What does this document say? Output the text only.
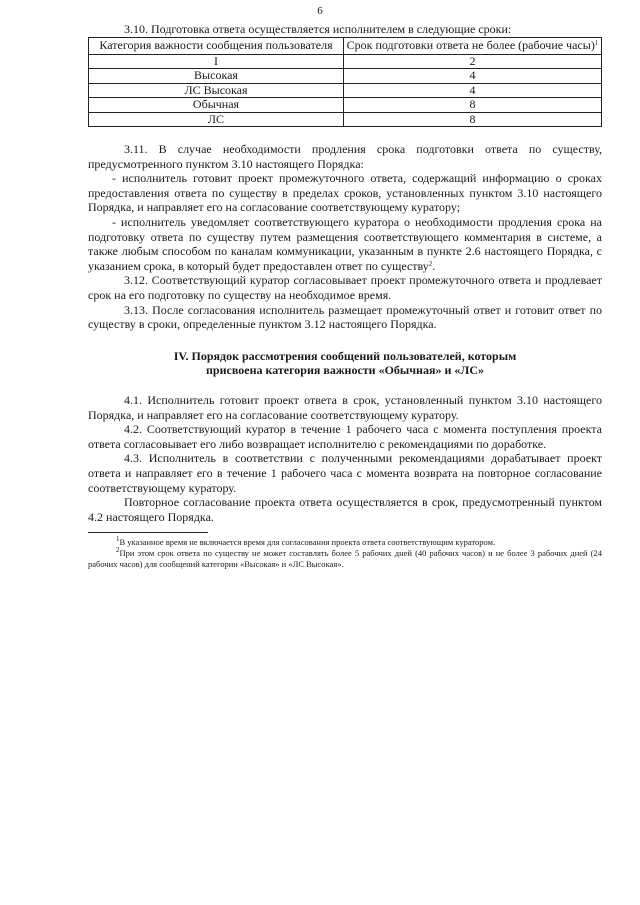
6

3.10. Подготовка ответа осуществляется исполнителем в следующие сроки:

Категория важности сообщения пользователя	Срок подготовки ответа не более (рабочие часы)$^1$
I	2
Высокая	4
ЛС Высокая	4
Обычная	8
ЛС	8

3.11. В случае необходимости продления срока подготовки ответа по существу, предусмотренного пунктом 3.10 настоящего Порядка:

- исполнитель готовит проект промежуточного ответа, содержащий информацию о сроках предоставления ответа по существу в пределах сроков, установленных пунктом 3.10 настоящего Порядка, и направляет его на согласование соответствующему куратору;

- исполнитель уведомляет соответствующего куратора о необходимости продления срока на подготовку ответа по существу путем размещения соответствующего комментария в системе, а также любым способом по каналам коммуникации, указанным в пункте 2.6 настоящего Порядка, с указанием срока, в который будет предоставлен ответ по существу$^2$.

3.12. Соответствующий куратор согласовывает проект промежуточного ответа и продлевает срок на его подготовку по существу на необходимое время.

3.13. После согласования исполнитель размещает промежуточный ответ и готовит ответ по существу в сроки, определенные пунктом 3.12 настоящего Порядка.

IV. Порядок рассмотрения сообщений пользователей, которым
присвоена категория важности «Обычная» и «ЛС»

4.1. Исполнитель готовит проект ответа в срок, установленный пунктом 3.10 настоящего Порядка, и направляет его на согласование соответствующему куратору.

4.2. Соответствующий куратор в течение 1 рабочего часа с момента поступления проекта ответа согласовывает его либо возвращает исполнителю с рекомендациями по доработке.

4.3. Исполнитель в соответствии с полученными рекомендациями дорабатывает проект ответа и направляет его в течение 1 рабочего часа с момента возврата на повторное согласование соответствующему куратору.

Повторное согласование проекта ответа осуществляется в срок, предусмотренный пунктом 4.2 настоящего Порядка.

$^1$В указанное время не включается время для согласования проекта ответа соответствующим куратором.

$^2$При этом срок ответа по существу не может составлять более 5 рабочих дней (40 рабочих часов) и не более 3 рабочих дней (24 рабочих часов) для сообщений категории «Высокая» и «ЛС Высокая».
